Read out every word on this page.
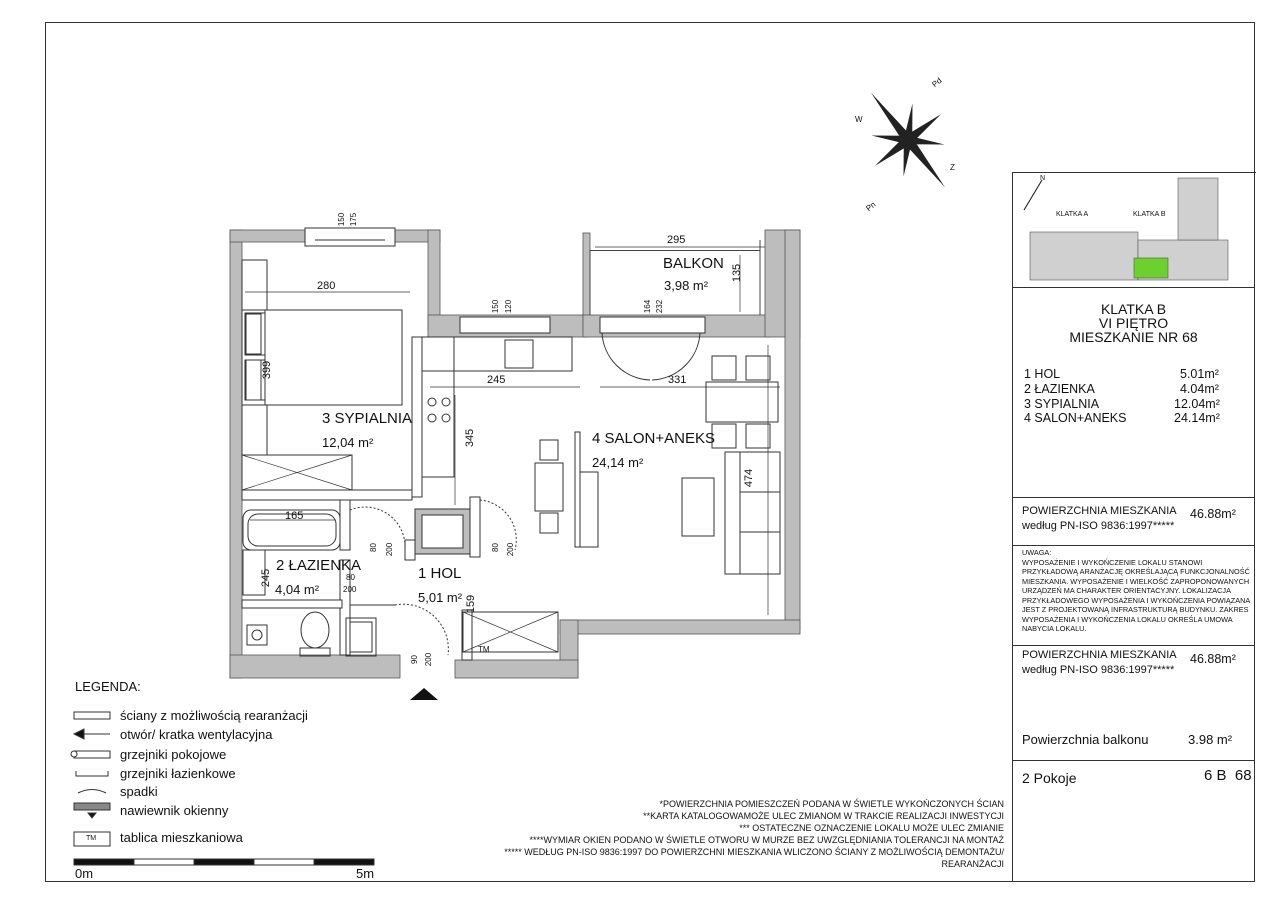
3 SYPIALNIA
12,04 m²	4 SALON+ANEKS
24,14 m²
2 ŁAZIENKA
4,04 m²
1 HOL
5,01 m²
BALKON
3,98 m²
280
399
165
245
245	331
345
474
159
295
135
150 175
150 120	164 232
80 200	80 200
80
200
90 200
TM
Pd
W
Z
Pn
LEGENDA:
ściany z możliwością rearanżacji
otwór/ kratka wentylacyjna
grzejniki pokojowe
grzejniki łazienkowe
spadki
nawiewnik okienny
tablica mieszkaniowa
TM
0m	5m
*POWIERZCHNIA POMIESZCZEŃ PODANA W ŚWIETLE WYKOŃCZONYCH ŚCIAN
**KARTA KATALOGOWAMOŻE ULEC ZMIANOM W TRAKCIE REALIZACJI INWESTYCJI
*** OSTATECZNE OZNACZENIE LOKALU MOŻE ULEC ZMIANIE
****WYMIAR OKIEN PODANO W ŚWIETLE OTWORU W MURZE BEZ UWZGLĘDNIANIA TOLERANCJI NA MONTAŻ
***** WEDŁUG PN-ISO 9836:1997 DO POWIERZCHNI MIESZKANIA WLICZONO ŚCIANY Z MOŻLIWOŚCIĄ DEMONTAŻU/
REARANŻACJI
KLATKA A	KLATKA B
N
KLATKA B
VI PIĘTRO
MIESZKANIE NR 68
1 HOL	5.01m²
2 ŁAZIENKA	4.04m²
3 SYPIALNIA	12.04m²
4 SALON+ANEKS	24.14m²
POWIERZCHNIA MIESZKANIA
według PN-ISO 9836:1997*****
46.88m²
UWAGA:
WYPOSAŻENIE I WYKOŃCZENIE LOKALU STANOWI
PRZYKŁADOWĄ ARANŻACJĘ OKREŚLAJĄCĄ FUNKCJONALNOŚĆ
MIESZKANIA. WYPOSAŻENIE I WIELKOŚĆ ZAPROPONOWANYCH
URZĄDZEŃ MA CHARAKTER ORIENTACYJNY. LOKALIZACJA
PRZYKŁADOWEGO WYPOSAŻENIA I WYKOŃCZENIA POWIĄZANA
JEST Z PROJEKTOWANĄ INFRASTRUKTURĄ BUDYNKU. ZAKRES
WYPOSAŻENIA I WYKOŃCZENIA LOKALU OKREŚLA UMOWA
NABYCIA LOKALU.
POWIERZCHNIA MIESZKANIA
według PN-ISO 9836:1997*****
46.88m²
Powierzchnia balkonu	3.98 m²
2 Pokoje	6 B  68
